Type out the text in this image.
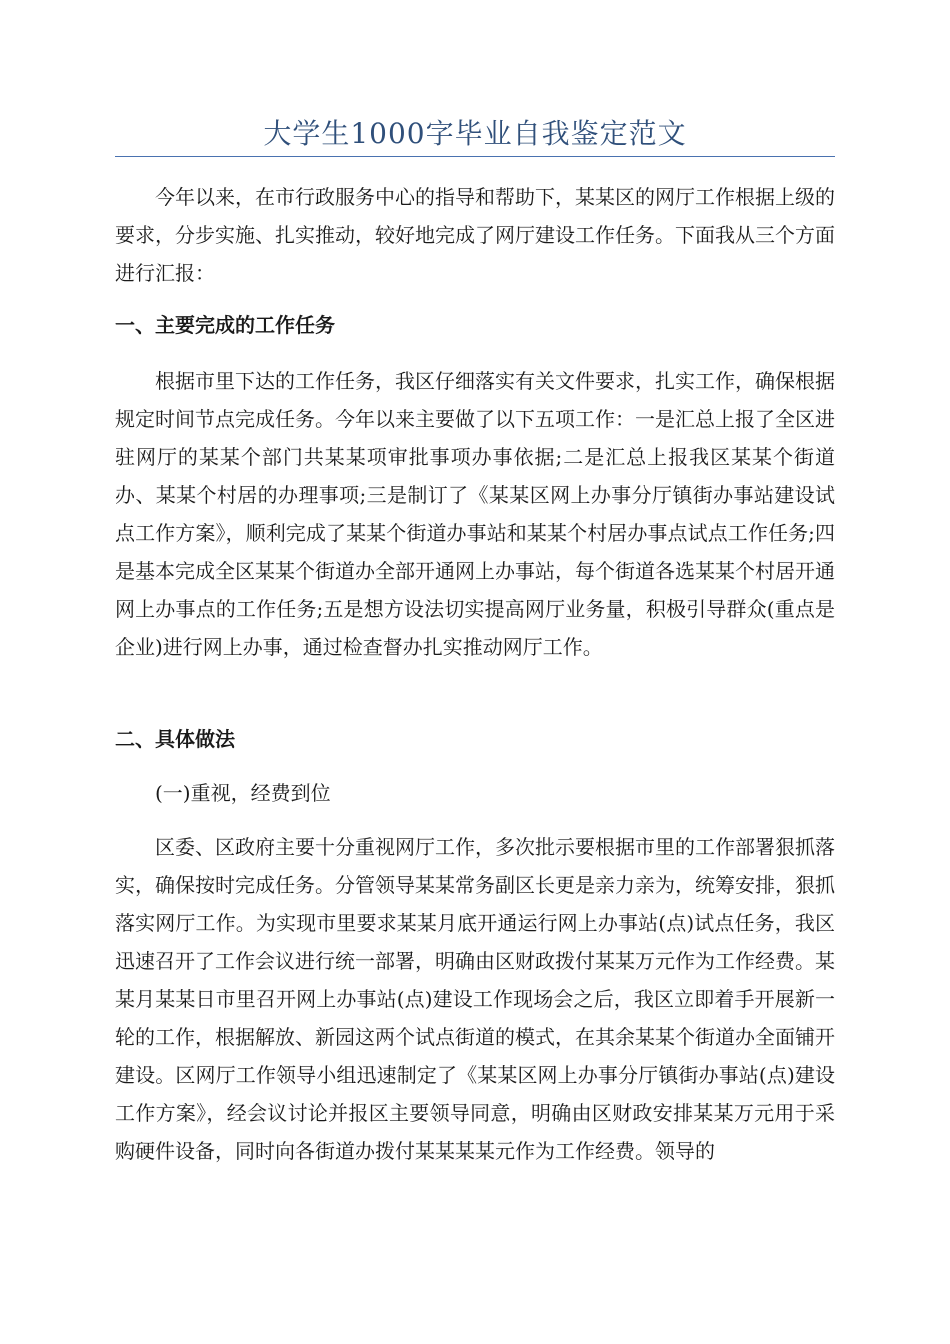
大学生1000字毕业自我鉴定范文

今年以来，在市行政服务中心的指导和帮助下，某某区的网厅工作根据上级的要求，分步实施、扎实推动，较好地完成了网厅建设工作任务。下面我从三个方面进行汇报：

一、主要完成的工作任务

根据市里下达的工作任务，我区仔细落实有关文件要求，扎实工作，确保根据规定时间节点完成任务。今年以来主要做了以下五项工作：一是汇总上报了全区进驻网厅的某某个部门共某某项审批事项办事依据;二是汇总上报我区某某个街道办、某某个村居的办理事项;三是制订了《某某区网上办事分厅镇街办事站建设试点工作方案》，顺利完成了某某个街道办事站和某某个村居办事点试点工作任务;四是基本完成全区某某个街道办全部开通网上办事站，每个街道各选某某个村居开通网上办事点的工作任务;五是想方设法切实提高网厅业务量，积极引导群众(重点是企业)进行网上办事，通过检查督办扎实推动网厅工作。

二、具体做法

(一)重视，经费到位

区委、区政府主要十分重视网厅工作，多次批示要根据市里的工作部署狠抓落实，确保按时完成任务。分管领导某某常务副区长更是亲力亲为，统筹安排，狠抓落实网厅工作。为实现市里要求某某月底开通运行网上办事站(点)试点任务，我区迅速召开了工作会议进行统一部署，明确由区财政拨付某某万元作为工作经费。某某月某某日市里召开网上办事站(点)建设工作现场会之后，我区立即着手开展新一轮的工作，根据解放、新园这两个试点街道的模式，在其余某某个街道办全面铺开建设。区网厅工作领导小组迅速制定了《某某区网上办事分厅镇街办事站(点)建设工作方案》，经会议讨论并报区主要领导同意，明确由区财政安排某某万元用于采购硬件设备，同时向各街道办拨付某某某某元作为工作经费。领导的
